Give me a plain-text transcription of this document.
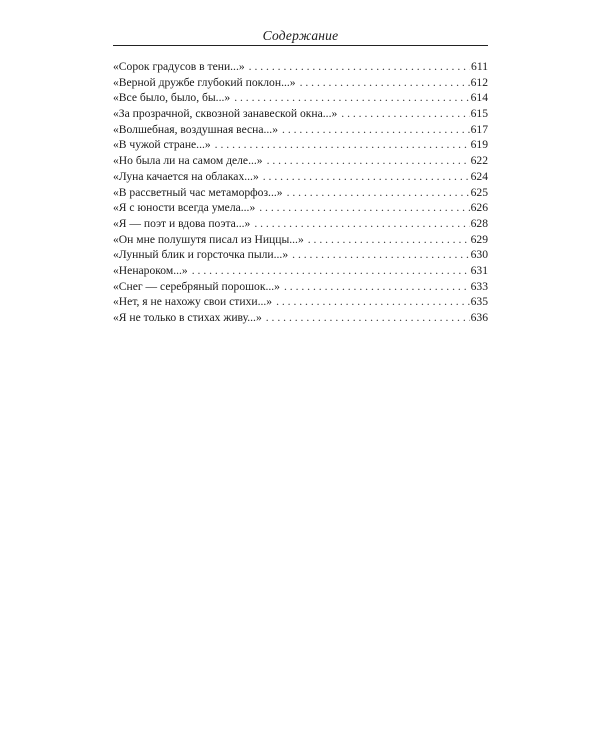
Содержание
«Сорок градусов в тени...» . . .	611
«Верной дружбе глубокий поклон...» . . .	612
«Все было, было, бы...» . . .	614
«За прозрачной, сквозной занавеской окна...» . . .	615
«Волшебная, воздушная весна...» . . .	617
«В чужой стране...» . . .	619
«Но была ли на самом деле...» . . .	622
«Луна качается на облаках...» . . .	624
«В рассветный час метаморфоз...» . . .	625
«Я с юности всегда умела...» . . .	626
«Я — поэт и вдова поэта...» . . .	628
«Он мне полушутя писал из Ниццы...» . . .	629
«Лунный блик и горсточка пыли...» . . .	630
«Ненароком...» . . .	631
«Снег — серебряный порошок...» . . .	633
«Нет, я не нахожу свои стихи...» . . .	635
«Я не только в стихах живу...» . . .	636
